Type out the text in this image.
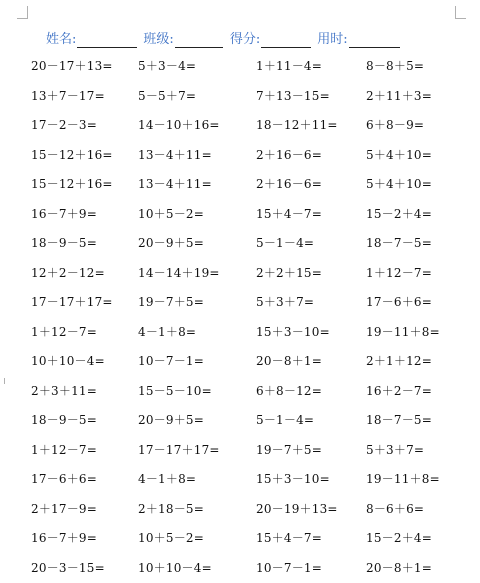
姓名 :	班级 :	得分 :	用时 :
20－17＋13= 5＋3－4=	1＋11－4=	8－8＋5=
13＋7－17=	5－5＋7=	7＋13－15=	2＋11＋3=
17－2－3=	14－10＋16=	18－12＋11= 6＋8－9=
15－12＋16= 13－4＋11=	2＋16－6=	5＋4＋10=
15－12＋16= 13－4＋11=	2＋16－6=	5＋4＋10=
16－7＋9=	10＋5－2=	15＋4－7=	15－2＋4=
18－9－5=	20－9＋5=	5－1－4=	18－7－5=
12＋2－12=	14－14＋19=	2＋2＋15=	1＋12－7=
17－17＋17= 19－7＋5=	5＋3＋7=	17－6＋6=
1＋12－7=	4－1＋8=	15＋3－10=	19－11＋8=
10＋10－4=	10－7－1=	20－8＋1=	2＋1＋12=
2＋3＋11=	15－5－10=	6＋8－12=	16＋2－7=
18－9－5=	20－9＋5=	5－1－4=	18－7－5=
1＋12－7=	17－17＋17=	19－7＋5=	5＋3＋7=
17－6＋6=	4－1＋8=	15＋3－10=	19－11＋8=
2＋17－9=	2＋18－5=	20－19＋13= 8－6＋6=
16－7＋9=	10＋5－2=	15＋4－7=	15－2＋4=
20－3－15=	10＋10－4=	10－7－1=	20－8＋1=
